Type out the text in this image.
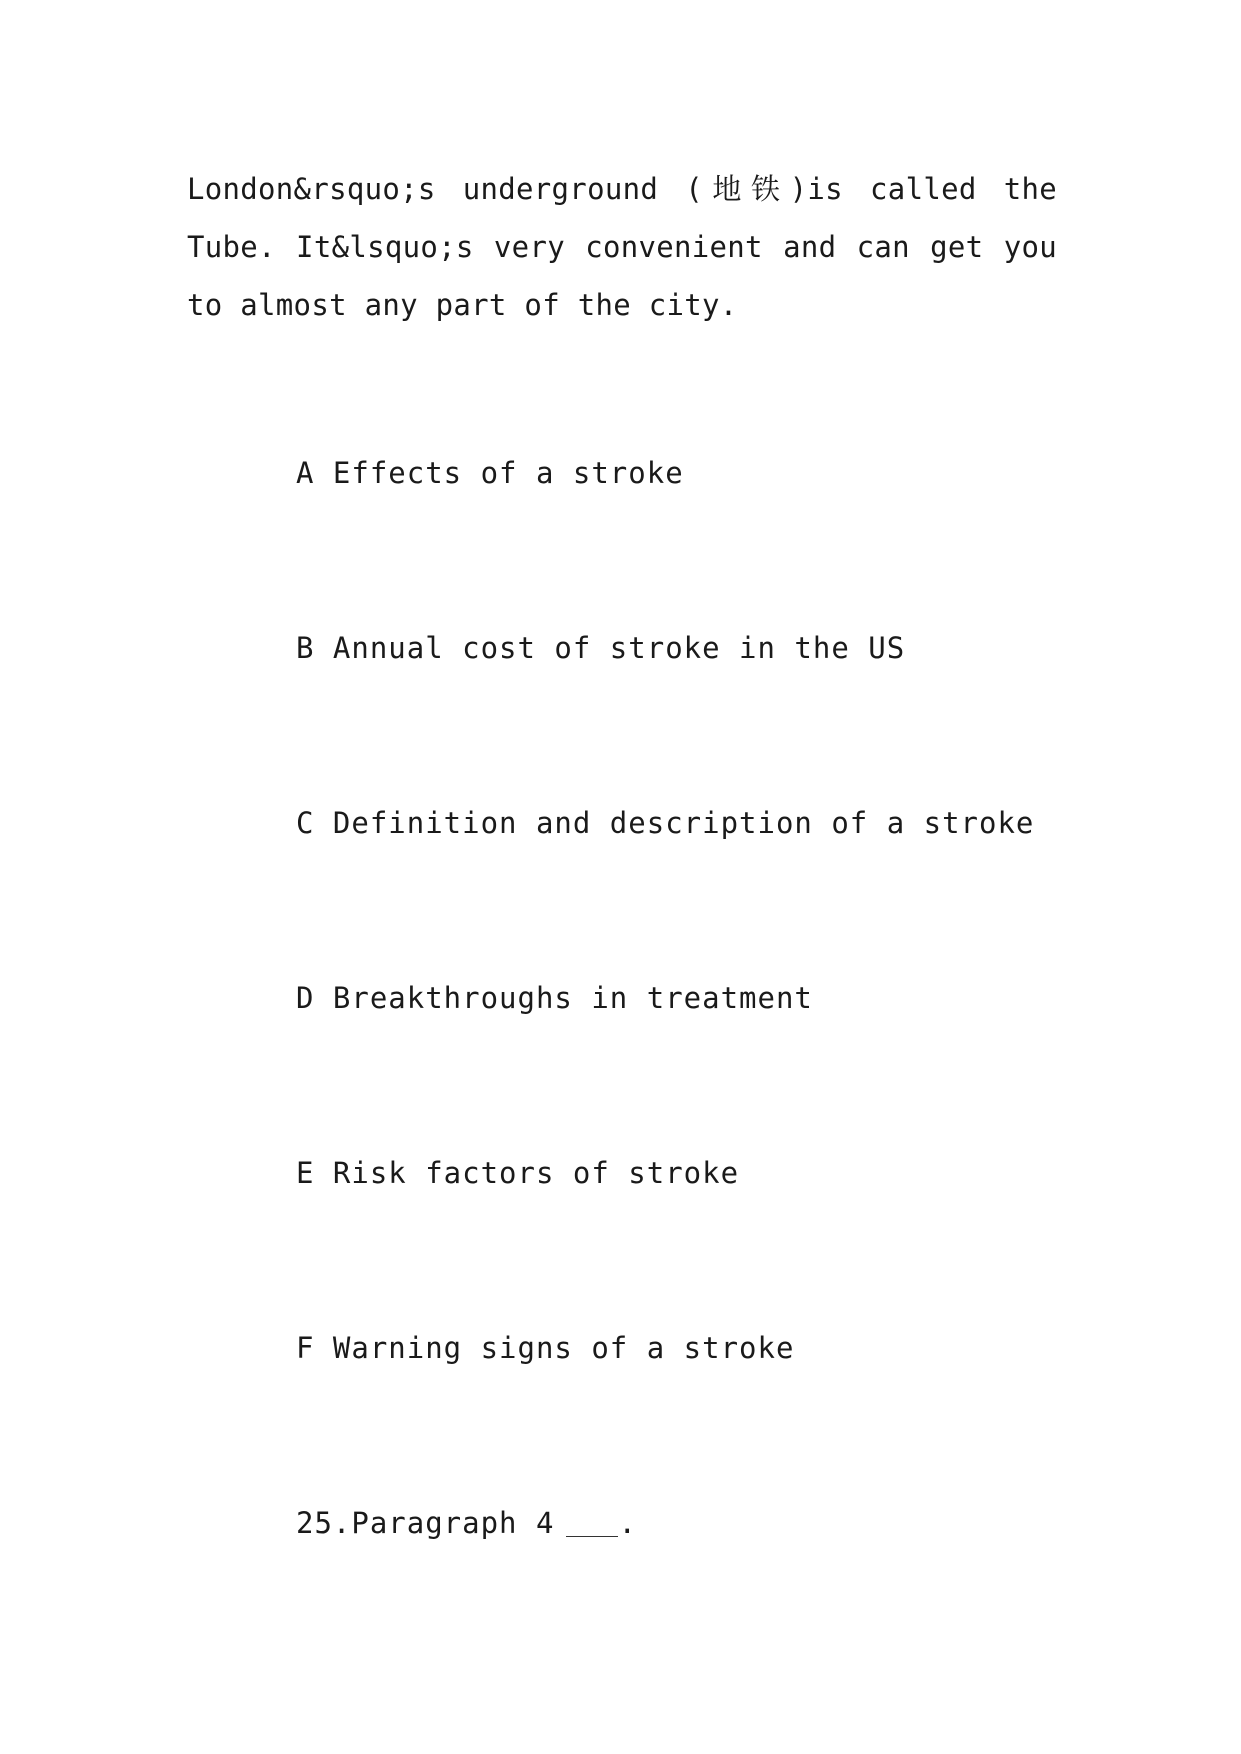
London&rsquo;s underground (地铁)is called the Tube. It&lsquo;s very convenient and can get you to almost any part of the city.

A Effects of a stroke
B Annual cost of stroke in the US
C Definition and description of a stroke
D Breakthroughs in treatment
E Risk factors of stroke
F Warning signs of a stroke
25.Paragraph 4 .
